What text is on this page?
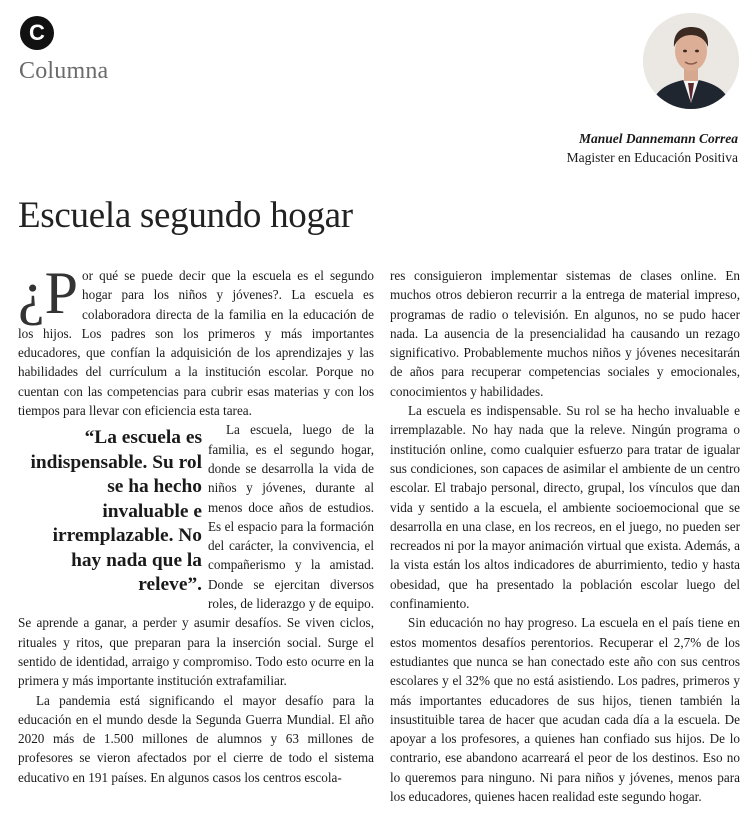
C
Columna
Manuel Dannemann Correa
Magister en Educación Positiva
Escuela segundo hogar

¿P or qué se puede decir que la escuela es el segundo hogar para los niños y jóvenes?. La escuela es colaboradora directa de la familia en la educación de los hijos. Los padres son los primeros y más importantes educadores, que confían la adquisición de los aprendizajes y las habilidades del currículum a la institución escolar. Porque no cuentan con las competencias para cubrir esas materias y con los tiempos para llevar con eficiencia esta tarea.

“La escuela es indispensable. Su rol se ha hecho invaluable e irremplazable. No hay nada que la releve”.

La escuela, luego de la familia, es el segundo hogar, donde se desarrolla la vida de niños y jóvenes, durante al menos doce años de estudios. Es el espacio para la formación del carácter, la convivencia, el compañerismo y la amistad. Donde se ejercitan diversos roles, de liderazgo y de equipo. Se aprende a ganar, a perder y asumir desafíos. Se viven ciclos, rituales y ritos, que preparan para la inserción social. Surge el sentido de identidad, arraigo y compromiso. Todo esto ocurre en la primera y más importante institución extrafamiliar.

La pandemia está significando el mayor desafío para la educación en el mundo desde la Segunda Guerra Mundial. El año 2020 más de 1.500 millones de alumnos y 63 millones de profesores se vieron afectados por el cierre de todo el sistema educativo en 191 países. En algunos casos los centros escola-

res consiguieron implementar sistemas de clases online. En muchos otros debieron recurrir a la entrega de material impreso, programas de radio o televisión. En algunos, no se pudo hacer nada. La ausencia de la presencialidad ha causando un rezago significativo. Probablemente muchos niños y jóvenes necesitarán de años para recuperar competencias sociales y emocionales, conocimientos y habilidades.

La escuela es indispensable. Su rol se ha hecho invaluable e irremplazable. No hay nada que la releve. Ningún programa o institución online, como cualquier esfuerzo para tratar de igualar sus condiciones, son capaces de asimilar el ambiente de un centro escolar. El trabajo personal, directo, grupal, los vínculos que dan vida y sentido a la escuela, el ambiente socioemocional que se desarrolla en una clase, en los recreos, en el juego, no pueden ser recreados ni por la mayor animación virtual que exista. Además, a la vista están los altos indicadores de aburrimiento, tedio y hasta obesidad, que ha presentado la población escolar luego del confinamiento.

Sin educación no hay progreso. La escuela en el país tiene en estos momentos desafíos perentorios. Recuperar el 2,7% de los estudiantes que nunca se han conectado este año con sus centros escolares y el 32% que no está asistiendo. Los padres, primeros y más importantes educadores de sus hijos, tienen también la insustituible tarea de hacer que acudan cada día a la escuela. De apoyar a los profesores, a quienes han confiado sus hijos. De lo contrario, ese abandono acarreará el peor de los destinos. Eso no lo queremos para ninguno. Ni para niños y jóvenes, menos para los educadores, quienes hacen realidad este segundo hogar.
